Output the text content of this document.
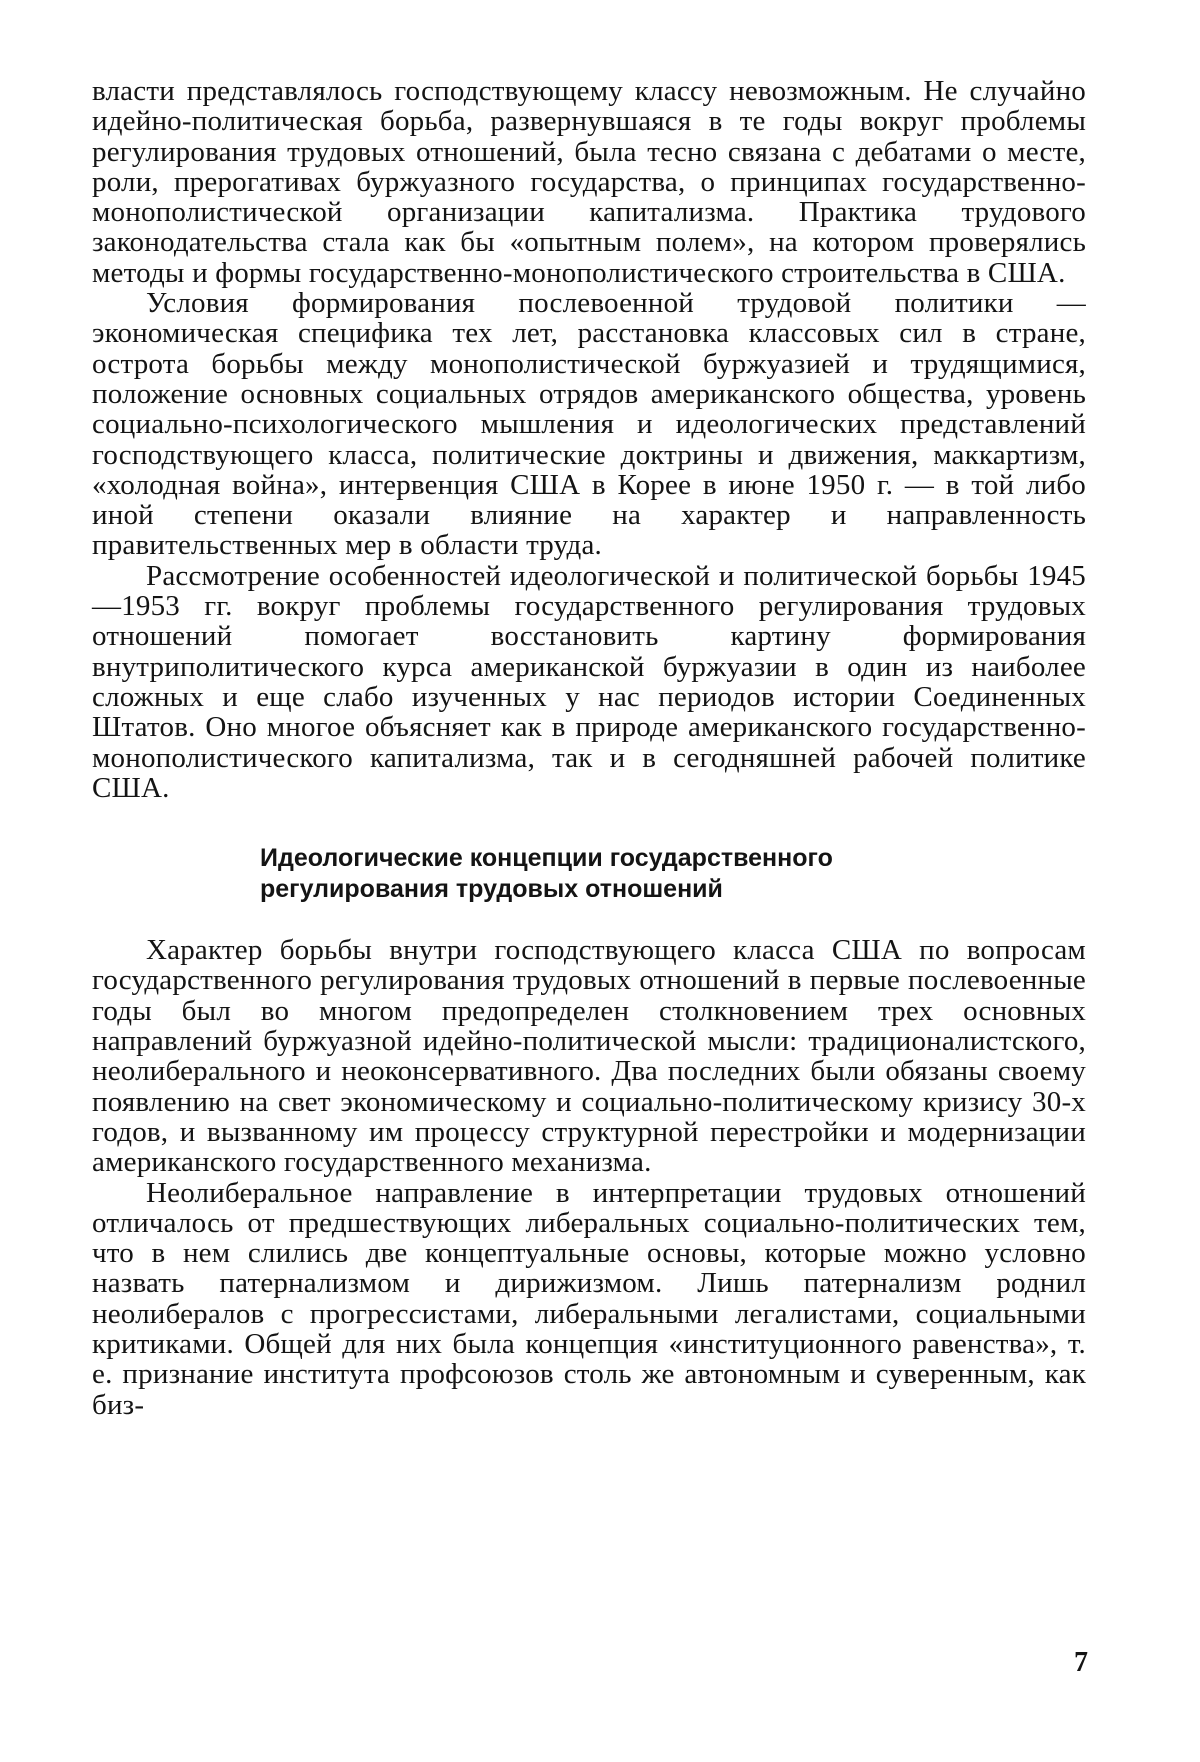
власти представлялось господствующему классу невозможным. Не случайно идейно-политическая борьба, развернувшаяся в те годы вокруг проблемы регулирования трудовых отношений, была тесно связана с дебатами о месте, роли, прерогативах буржуазного государства, о принципах государственно-монополистической организации капитализма. Практика трудового законодательства стала как бы «опытным полем», на котором проверялись методы и формы государственно-монополистического строительства в США.

Условия формирования послевоенной трудовой политики — экономическая специфика тех лет, расстановка классовых сил в стране, острота борьбы между монополистической буржуазией и трудящимися, положение основных социальных отрядов американского общества, уровень социально-психологического мышления и идеологических представлений господствующего класса, политические доктрины и движения, маккартизм, «холодная война», интервенция США в Корее в июне 1950 г. — в той либо иной степени оказали влияние на характер и направленность правительственных мер в области труда.

Рассмотрение особенностей идеологической и политической борьбы 1945—1953 гг. вокруг проблемы государственного регулирования трудовых отношений помогает восстановить картину формирования внутриполитического курса американской буржуазии в один из наиболее сложных и еще слабо изученных у нас периодов истории Соединенных Штатов. Оно многое объясняет как в природе американского государственно-монополистического капитализма, так и в сегодняшней рабочей политике США.

Идеологические концепции государственного
регулирования трудовых отношений

Характер борьбы внутри господствующего класса США по вопросам государственного регулирования трудовых отношений в первые послевоенные годы был во многом предопределен столкновением трех основных направлений буржуазной идейно-политической мысли: традиционалистского, неолиберального и неоконсервативного. Два последних были обязаны своему появлению на свет экономическому и социально-политическому кризису 30-х годов, и вызванному им процессу структурной перестройки и модернизации американского государственного механизма.

Неолиберальное направление в интерпретации трудовых отношений отличалось от предшествующих либеральных социально-политических тем, что в нем слились две концептуальные основы, которые можно условно назвать патернализмом и дирижизмом. Лишь патернализм роднил неолибералов с прогрессистами, либеральными легалистами, социальными критиками. Общей для них была концепция «институционного равенства», т. е. признание института профсоюзов столь же автономным и суверенным, как биз-

7
